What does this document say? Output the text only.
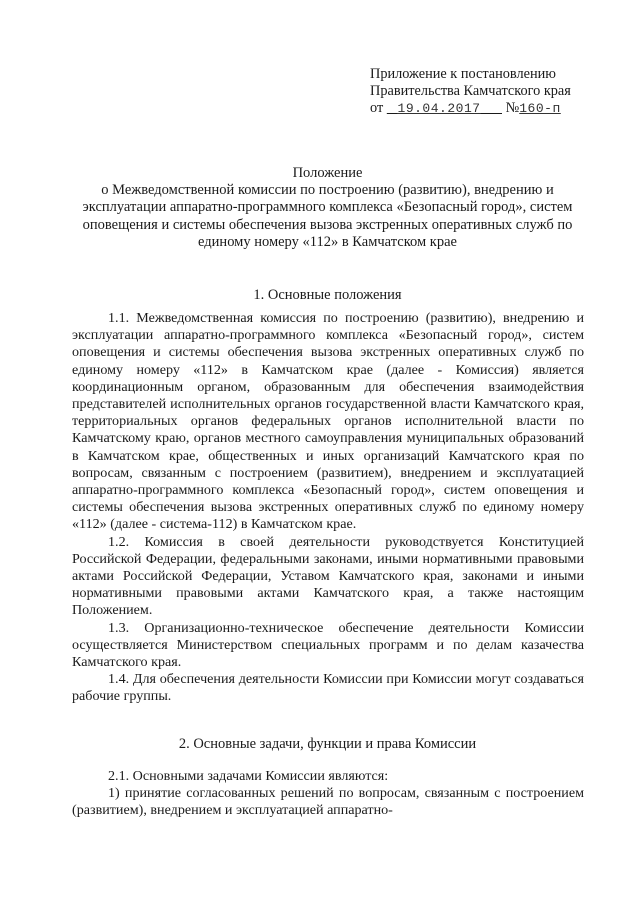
Приложение к постановлению
Правительства Камчатского края
от 19.04.2017 №160-п
Положение
о Межведомственной комиссии по построению (развитию), внедрению и эксплуатации аппаратно-программного комплекса «Безопасный город», систем оповещения и системы обеспечения вызова экстренных оперативных служб по единому номеру «112» в Камчатском крае
1. Основные положения

1.1. Межведомственная комиссия по построению (развитию), внедрению и эксплуатации аппаратно-программного комплекса «Безопасный город», систем оповещения и системы обеспечения вызова экстренных оперативных служб по единому номеру «112» в Камчатском крае (далее - Комиссия) является координационным органом, образованным для обеспечения взаимодействия представителей исполнительных органов государственной власти Камчатского края, территориальных органов федеральных органов исполнительной власти по Камчатскому краю, органов местного самоуправления муниципальных образований в Камчатском крае, общественных и иных организаций Камчатского края по вопросам, связанным с построением (развитием), внедрением и эксплуатацией аппаратно-программного комплекса «Безопасный город», систем оповещения и системы обеспечения вызова экстренных оперативных служб по единому номеру «112» (далее - система-112) в Камчатском крае.

1.2. Комиссия в своей деятельности руководствуется Конституцией Российской Федерации, федеральными законами, иными нормативными правовыми актами Российской Федерации, Уставом Камчатского края, законами и иными нормативными правовыми актами Камчатского края, а также настоящим Положением.

1.3. Организационно-техническое обеспечение деятельности Комиссии осуществляется Министерством специальных программ и по делам казачества Камчатского края.

1.4. Для обеспечения деятельности Комиссии при Комиссии могут создаваться рабочие группы.

2. Основные задачи, функции и права Комиссии

2.1. Основными задачами Комиссии являются:

1) принятие согласованных решений по вопросам, связанным с построением (развитием), внедрением и эксплуатацией аппаратно-
